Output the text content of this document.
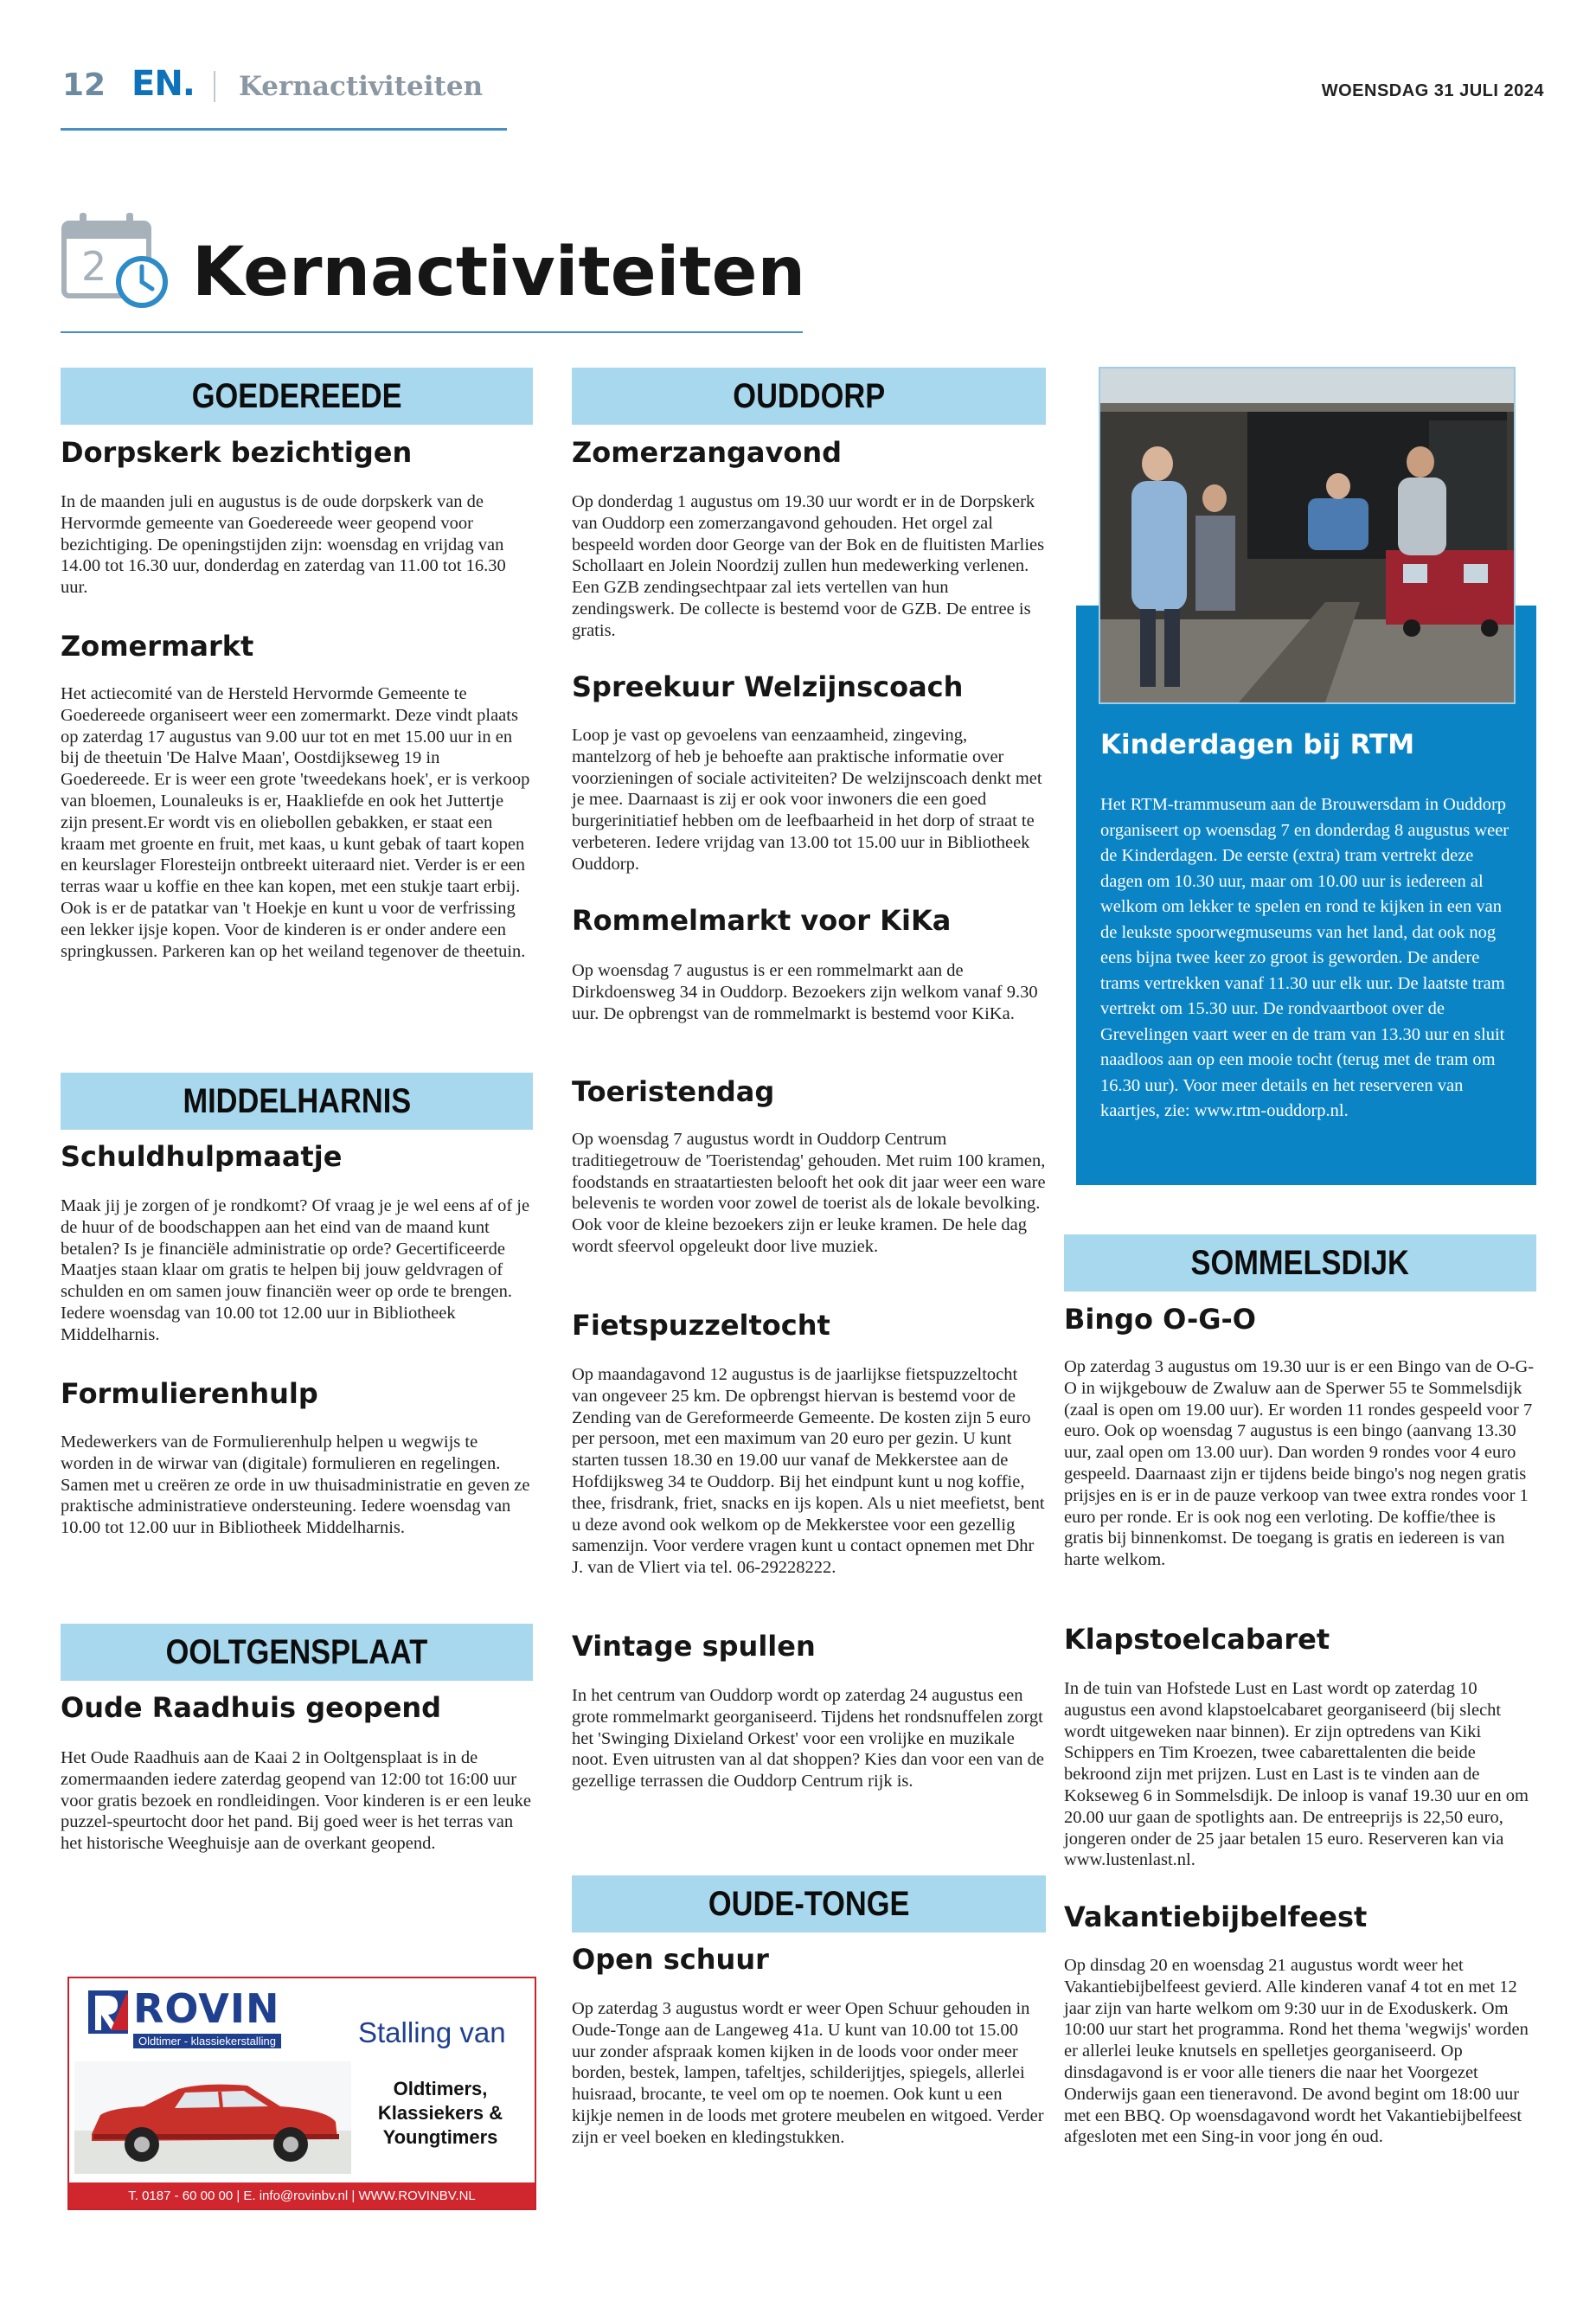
12 EN. Kernactiviteiten	WOENSDAG 31 JULI 2024
2 Kernactiviteiten
GOEDEREEDE
Dorpskerk bezichtigen

In de maanden juli en augustus is de oude dorpskerk van de Hervormde gemeente van Goedereede weer geopend voor bezichtiging. De openingstijden zijn: woensdag en vrijdag van 14.00 tot 16.30 uur, donderdag en zaterdag van 11.00 tot 16.30 uur.

Zomermarkt

Het actiecomité van de Hersteld Hervormde Gemeente te Goedereede organiseert weer een zomermarkt. Deze vindt plaats op zaterdag 17 augustus van 9.00 uur tot en met 15.00 uur in en bij de theetuin 'De Halve Maan', Oostdijkseweg 19 in Goedereede. Er is weer een grote 'tweedekans hoek', er is verkoop van bloemen, Lounaleuks is er, Haakliefde en ook het Juttertje zijn present.Er wordt vis en oliebollen gebakken, er staat een kraam met groente en fruit, met kaas, u kunt gebak of taart kopen en keurslager Floresteijn ontbreekt uiteraard niet. Verder is er een terras waar u koffie en thee kan kopen, met een stukje taart erbij. Ook is er de patatkar van 't Hoekje en kunt u voor de verfrissing een lekker ijsje kopen. Voor de kinderen is er onder andere een springkussen. Parkeren kan op het weiland tegenover de theetuin.

MIDDELHARNIS
Schuldhulpmaatje

Maak jij je zorgen of je rondkomt? Of vraag je je wel eens af of je de huur of de boodschappen aan het eind van de maand kunt betalen? Is je financiële administratie op orde? Gecertificeerde Maatjes staan klaar om gratis te helpen bij jouw geldvragen of schulden en om samen jouw financiën weer op orde te brengen. Iedere woensdag van 10.00 tot 12.00 uur in Bibliotheek Middelharnis.

Formulierenhulp

Medewerkers van de Formulierenhulp helpen u wegwijs te worden in de wirwar van (digitale) formulieren en regelingen. Samen met u creëren ze orde in uw thuisadministratie en geven ze praktische administratieve ondersteuning. Iedere woensdag van 10.00 tot 12.00 uur in Bibliotheek Middelharnis.

OOLTGENSPLAAT
Oude Raadhuis geopend

Het Oude Raadhuis aan de Kaai 2 in Ooltgensplaat is in de zomermaanden iedere zaterdag geopend van 12:00 tot 16:00 uur voor gratis bezoek en rondleidingen. Voor kinderen is er een leuke puzzel-speurtocht door het pand. Bij goed weer is het terras van het historische Weeghuisje aan de overkant geopend.

ROVIN
Oldtimer - klassiekerstalling	Stalling van
Oldtimers,
Klassiekers &
Youngtimers
T. 0187 - 60 00 00 | E. info@rovinbv.nl | WWW.ROVINBV.NL
OUDDORP
Zomerzangavond

Op donderdag 1 augustus om 19.30 uur wordt er in de Dorpskerk van Ouddorp een zomerzangavond gehouden. Het orgel zal bespeeld worden door George van der Bok en de fluitisten Marlies Schollaart en Jolein Noordzij zullen hun medewerking verlenen. Een GZB zendingsechtpaar zal iets vertellen van hun zendingswerk. De collecte is bestemd voor de GZB. De entree is gratis.

Spreekuur Welzijnscoach

Loop je vast op gevoelens van eenzaamheid, zingeving, mantelzorg of heb je behoefte aan praktische informatie over voorzieningen of sociale activiteiten? De welzijnscoach denkt met je mee. Daarnaast is zij er ook voor inwoners die een goed burgerinitiatief hebben om de leefbaarheid in het dorp of straat te verbeteren. Iedere vrijdag van 13.00 tot 15.00 uur in Bibliotheek Ouddorp.

Rommelmarkt voor KiKa

Op woensdag 7 augustus is er een rommelmarkt aan de Dirkdoensweg 34 in Ouddorp. Bezoekers zijn welkom vanaf 9.30 uur. De opbrengst van de rommelmarkt is bestemd voor KiKa.

Toeristendag

Op woensdag 7 augustus wordt in Ouddorp Centrum traditiegetrouw de 'Toeristendag' gehouden. Met ruim 100 kramen, foodstands en straatartiesten belooft het ook dit jaar weer een ware belevenis te worden voor zowel de toerist als de lokale bevolking. Ook voor de kleine bezoekers zijn er leuke kramen. De hele dag wordt sfeervol opgeleukt door live muziek.

Fietspuzzeltocht

Op maandagavond 12 augustus is de jaarlijkse fietspuzzeltocht van ongeveer 25 km. De opbrengst hiervan is bestemd voor de Zending van de Gereformeerde Gemeente. De kosten zijn 5 euro per persoon, met een maximum van 20 euro per gezin. U kunt starten tussen 18.30 en 19.00 uur vanaf de Mekkerstee aan de Hofdijksweg 34 te Ouddorp. Bij het eindpunt kunt u nog koffie, thee, frisdrank, friet, snacks en ijs kopen. Als u niet meefietst, bent u deze avond ook welkom op de Mekkerstee voor een gezellig samenzijn. Voor verdere vragen kunt u contact opnemen met Dhr J. van de Vliert via tel. 06-29228222.

Vintage spullen

In het centrum van Ouddorp wordt op zaterdag 24 augustus een grote rommelmarkt georganiseerd. Tijdens het rondsnuffelen zorgt het 'Swinging Dixieland Orkest' voor een vrolijke en muzikale noot. Even uitrusten van al dat shoppen? Kies dan voor een van de gezellige terrassen die Ouddorp Centrum rijk is.

OUDE-TONGE
Open schuur

Op zaterdag 3 augustus wordt er weer Open Schuur gehouden in Oude-Tonge aan de Langeweg 41a. U kunt van 10.00 tot 15.00 uur zonder afspraak komen kijken in de loods voor onder meer borden, bestek, lampen, tafeltjes, schilderijtjes, spiegels, allerlei huisraad, brocante, te veel om op te noemen. Ook kunt u een kijkje nemen in de loods met grotere meubelen en witgoed. Verder zijn er veel boeken en kledingstukken.

Kinderdagen bij RTM

Het RTM-trammuseum aan de Brouwersdam in Ouddorp organiseert op woensdag 7 en donderdag 8 augustus weer de Kinderdagen. De eerste (extra) tram vertrekt deze dagen om 10.30 uur, maar om 10.00 uur is iedereen al welkom om lekker te spelen en rond te kijken in een van de leukste spoorwegmuseums van het land, dat ook nog eens bijna twee keer zo groot is geworden. De andere trams vertrekken vanaf 11.30 uur elk uur. De laatste tram vertrekt om 15.30 uur. De rondvaartboot over de Grevelingen vaart weer en de tram van 13.30 uur en sluit naadloos aan op een mooie tocht (terug met de tram om 16.30 uur). Voor meer details en het reserveren van kaartjes, zie: www.rtm-ouddorp.nl.

SOMMELSDIJK
Bingo O-G-O

Op zaterdag 3 augustus om 19.30 uur is er een Bingo van de O-G-O in wijkgebouw de Zwaluw aan de Sperwer 55 te Sommelsdijk (zaal is open om 19.00 uur). Er worden 11 rondes gespeeld voor 7 euro. Ook op woensdag 7 augustus is een bingo (aanvang 13.30 uur, zaal open om 13.00 uur). Dan worden 9 rondes voor 4 euro gespeeld. Daarnaast zijn er tijdens beide bingo's nog negen gratis prijsjes en is er in de pauze verkoop van twee extra rondes voor 1 euro per ronde. Er is ook nog een verloting. De koffie/thee is gratis bij binnenkomst. De toegang is gratis en iedereen is van harte welkom.

Klapstoelcabaret

In de tuin van Hofstede Lust en Last wordt op zaterdag 10 augustus een avond klapstoelcabaret georganiseerd (bij slecht wordt uitgeweken naar binnen). Er zijn optredens van Kiki Schippers en Tim Kroezen, twee cabarettalenten die beide bekroond zijn met prijzen. Lust en Last is te vinden aan de Kokseweg 6 in Sommelsdijk. De inloop is vanaf 19.30 uur en om 20.00 uur gaan de spotlights aan. De entreeprijs is 22,50 euro, jongeren onder de 25 jaar betalen 15 euro. Reserveren kan via www.lustenlast.nl.

Vakantiebijbelfeest

Op dinsdag 20 en woensdag 21 augustus wordt weer het Vakantiebijbelfeest gevierd. Alle kinderen vanaf 4 tot en met 12 jaar zijn van harte welkom om 9:30 uur in de Exoduskerk. Om 10:00 uur start het programma. Rond het thema 'wegwijs' worden er allerlei leuke knutsels en spelletjes georganiseerd. Op dinsdagavond is er voor alle tieners die naar het Voorgezet Onderwijs gaan een tieneravond. De avond begint om 18:00 uur met een BBQ. Op woensdagavond wordt het Vakantiebijbelfeest afgesloten met een Sing-in voor jong én oud.
